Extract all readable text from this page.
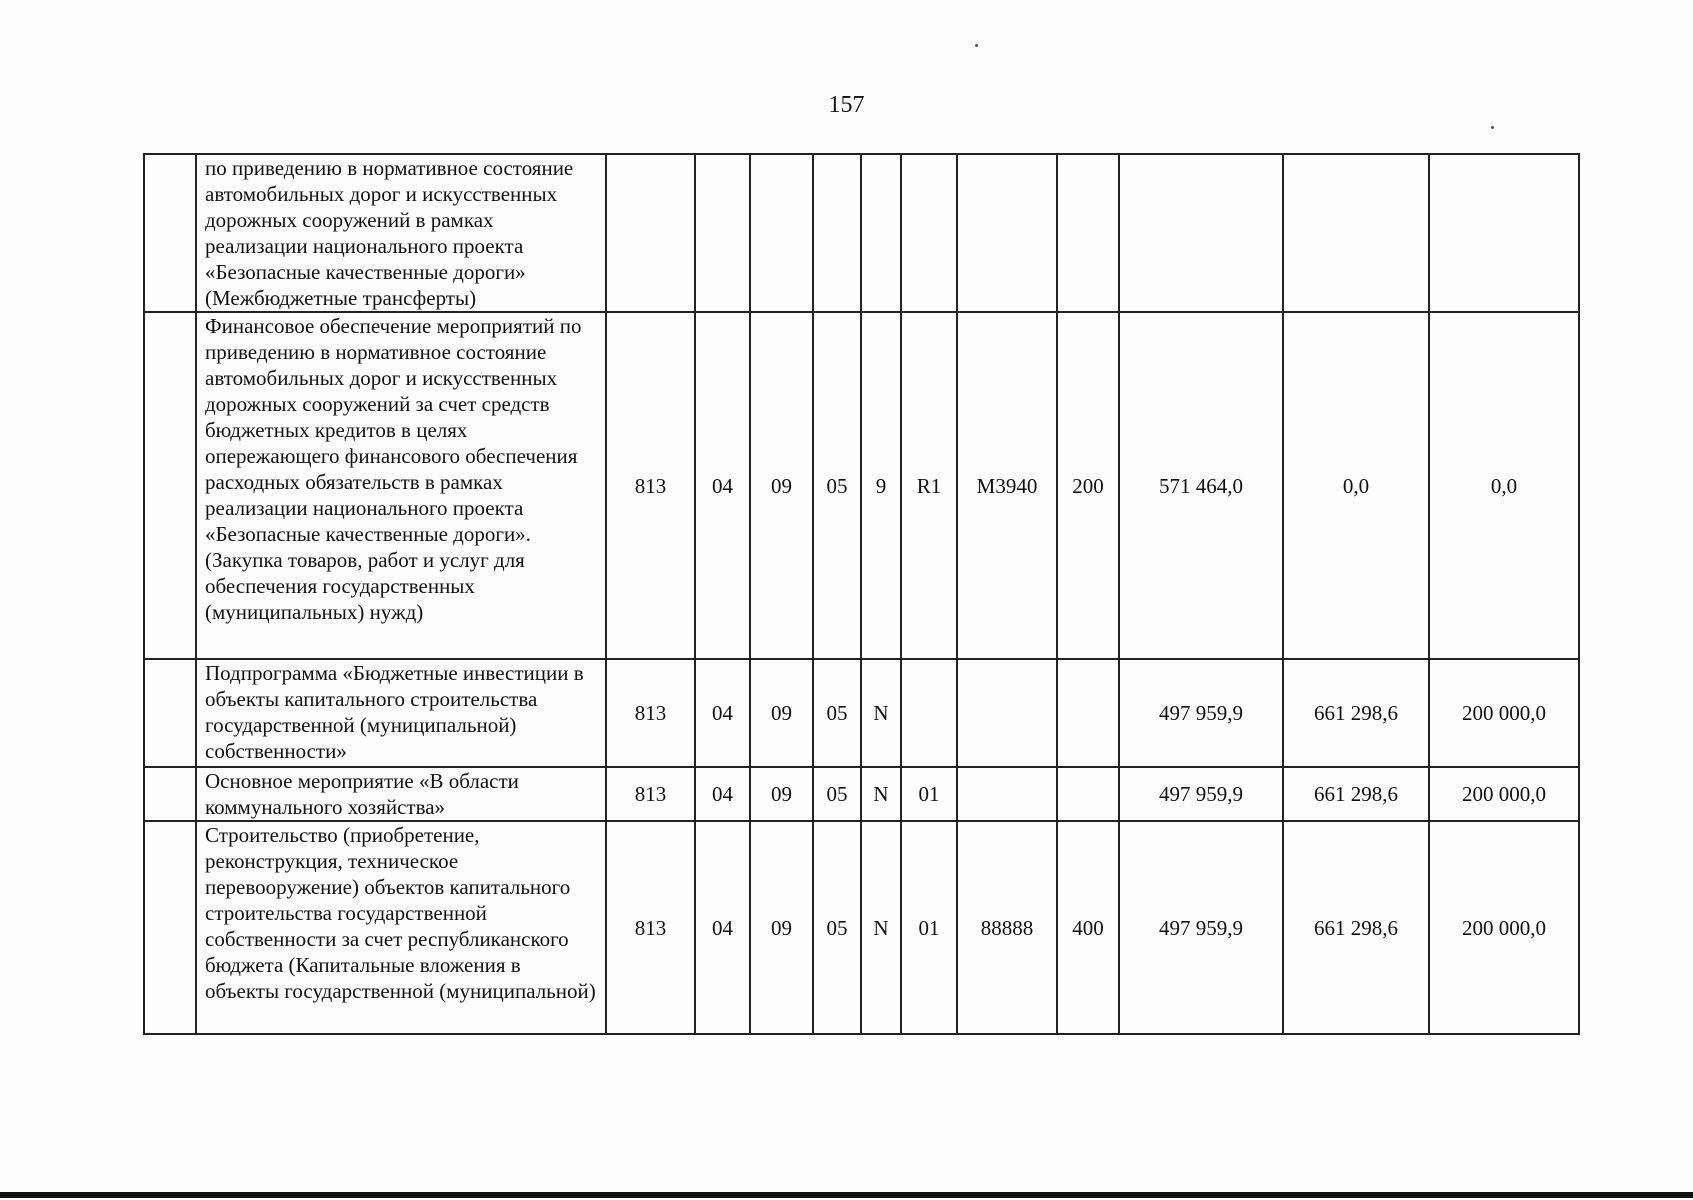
157
	по приведению в нормативное состояние автомобильных дорог и искусственных дорожных сооружений в рамках реализации национального проекта «Безопасные качественные дороги» (Межбюджетные трансферты)											
	Финансовое обеспечение мероприятий по приведению в нормативное состояние автомобильных дорог и искусственных дорожных сооружений за счет средств бюджетных кредитов в целях опережающего финансового обеспечения расходных обязательств в рамках реализации национального проекта «Безопасные качественные дороги». (Закупка товаров, работ и услуг для обеспечения государственных (муниципальных) нужд)	813	04	09	05	9	R1	M3940	200	571 464,0	0,0	0,0
	Подпрограмма «Бюджетные инвестиции в объекты капитального строительства государственной (муниципальной) собственности»	813	04	09	05	N				497 959,9	661 298,6	200 000,0
	Основное мероприятие «В области коммунального хозяйства»	813	04	09	05	N	01			497 959,9	661 298,6	200 000,0
	Строительство (приобретение, реконструкция, техническое перевооружение) объектов капитального строительства государственной собственности за счет республиканского бюджета (Капитальные вложения в объекты государственной (муниципальной)	813	04	09	05	N	01	88888	400	497 959,9	661 298,6	200 000,0
